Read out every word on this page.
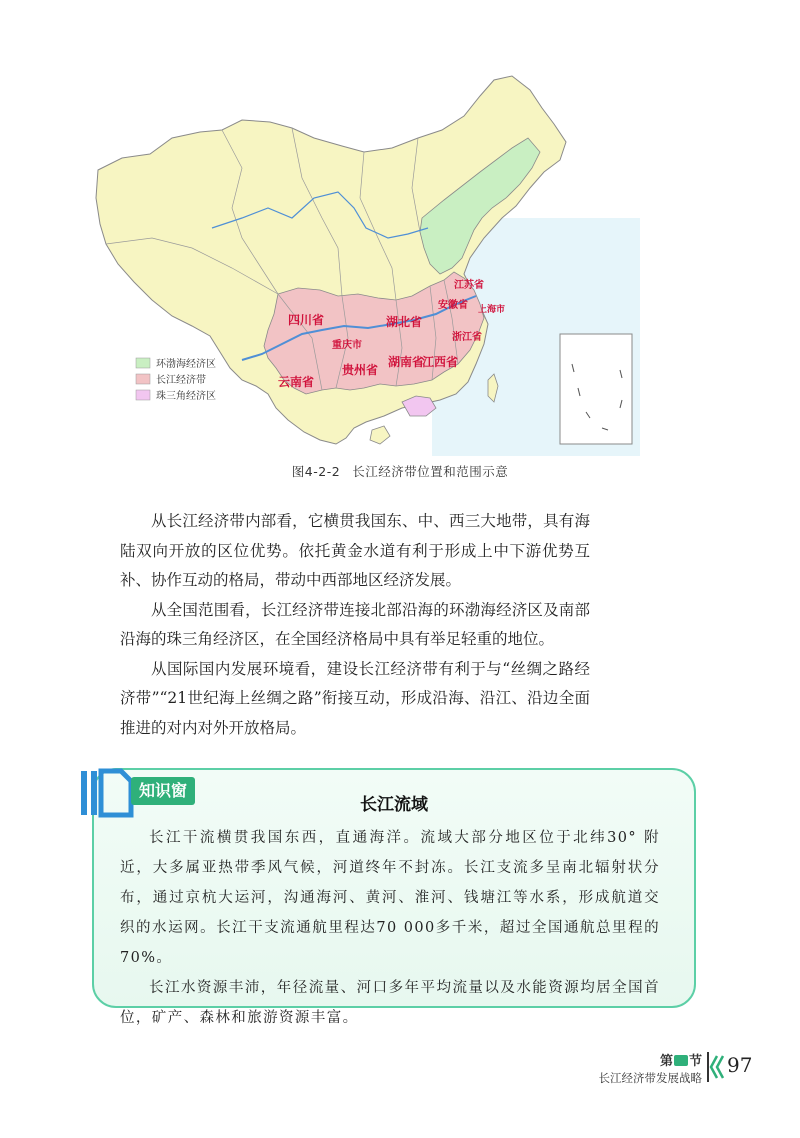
四川省
重庆市
贵州省
云南省
湖北省
湖南省
江西省
安徽省
江苏省
浙江省
上海市
环渤海经济区
长江经济带
珠三角经济区
图4-2-2 长江经济带位置和范围示意

从长江经济带内部看，它横贯我国东、中、西三大地带，具有海陆双向开放的区位优势。依托黄金水道有利于形成上中下游优势互补、协作互动的格局，带动中西部地区经济发展。

从全国范围看，长江经济带连接北部沿海的环渤海经济区及南部沿海的珠三角经济区，在全国经济格局中具有举足轻重的地位。

从国际国内发展环境看，建设长江经济带有利于与“丝绸之路经济带”“21世纪海上丝绸之路”衔接互动，形成沿海、沿江、沿边全面推进的对内对外开放格局。

知识窗
长江流域

长江干流横贯我国东西，直通海洋。流域大部分地区位于北纬30° 附近，大多属亚热带季风气候，河道终年不封冻。长江支流多呈南北辐射状分布，通过京杭大运河，沟通海河、黄河、淮河、钱塘江等水系，形成航道交织的水运网。长江干支流通航里程达70 000多千米，超过全国通航总里程的70%。

长江水资源丰沛，年径流量、河口多年平均流量以及水能资源均居全国首位，矿产、森林和旅游资源丰富。

第 节
长江经济带发展战略
97
